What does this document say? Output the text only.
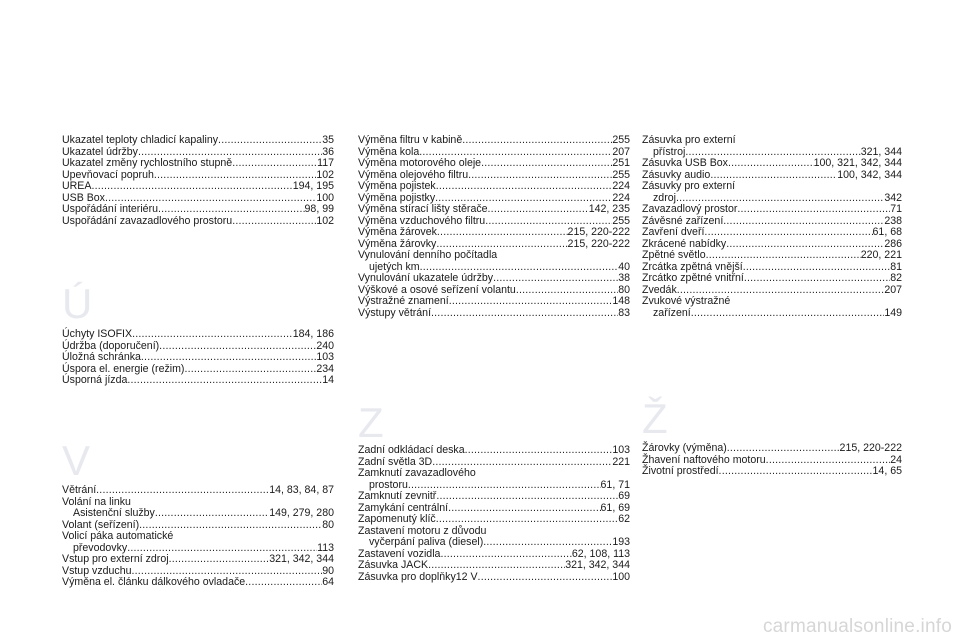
Ukazatel teploty chladicí kapaliny .....	35
Ukazatel údržby .....	36
Ukazatel změny rychlostního stupně .....	117
Upevňovací popruh .....	102
UREA .....	194, 195
USB Box .....	100
Uspořádání interiéru .....	98, 99
Uspořádání zavazadlového prostoru .....	102
Ú
Úchyty ISOFIX .....	184, 186
Údržba (doporučení) .....	240
Úložná schránka .....	103
Úspora el. energie (režim) .....	234
Úsporná jízda .....	14
V
Větrání .....	14, 83, 84, 87
Volání na linku
Asistenční služby .....	149, 279, 280
Volant (seřízení) .....	80
Volicí páka automatické
převodovky .....	113
Vstup pro externí zdroj .....	321, 342, 344
Vstup vzduchu .....	90
Výměna el. článku dálkového ovladače .....	64
Výměna filtru v kabině .....	255
Výměna kola .....	207
Výměna motorového oleje .....	251
Výměna olejového filtru .....	255
Výměna pojistek .....	224
Výměna pojistky .....	224
Výměna stírací lišty stěrače .....	142, 235
Výměna vzduchového filtru .....	255
Výměna žárovek .....	215, 220-222
Výměna žárovky .....	215, 220-222
Vynulování denního počítadla
ujetých km .....	40
Vynulování ukazatele údržby .....	38
Výškové a osové seřízení volantu .....	80
Výstražné znamení .....	148
Výstupy větrání .....	83
Z
Zadní odkládací deska .....	103
Zadní světla 3D .....	221
Zamknutí zavazadlového
prostoru .....	61, 71
Zamknutí zevnitř .....	69
Zamykání centrální .....	61, 69
Zapomenutý klíč .....	62
Zastavení motoru z důvodu
vyčerpání paliva (diesel) .....	193
Zastavení vozidla .....	62, 108, 113
Zásuvka JACK .....	321, 342, 344
Zásuvka pro doplňky12 V .....	100
Zásuvka pro externí
přístroj .....	321, 344
Zásuvka USB Box .....	100, 321, 342, 344
Zásuvky audio .....	100, 342, 344
Zásuvky pro externí
zdroj .....	342
Zavazadlový prostor .....	71
Závěsné zařízení .....	238
Zavření dveří .....	61, 68
Zkrácené nabídky .....	286
Zpětné světlo .....	220, 221
Zrcátka zpětná vnější .....	81
Zrcátko zpětné vnitřní .....	82
Zvedák .....	207
Zvukové výstražné
zařízení .....	149
Ž
Žárovky (výměna) .....	215, 220-222
Žhavení naftového motoru .....	24
Životní prostředí .....	14, 65
carmanualsonline.info
